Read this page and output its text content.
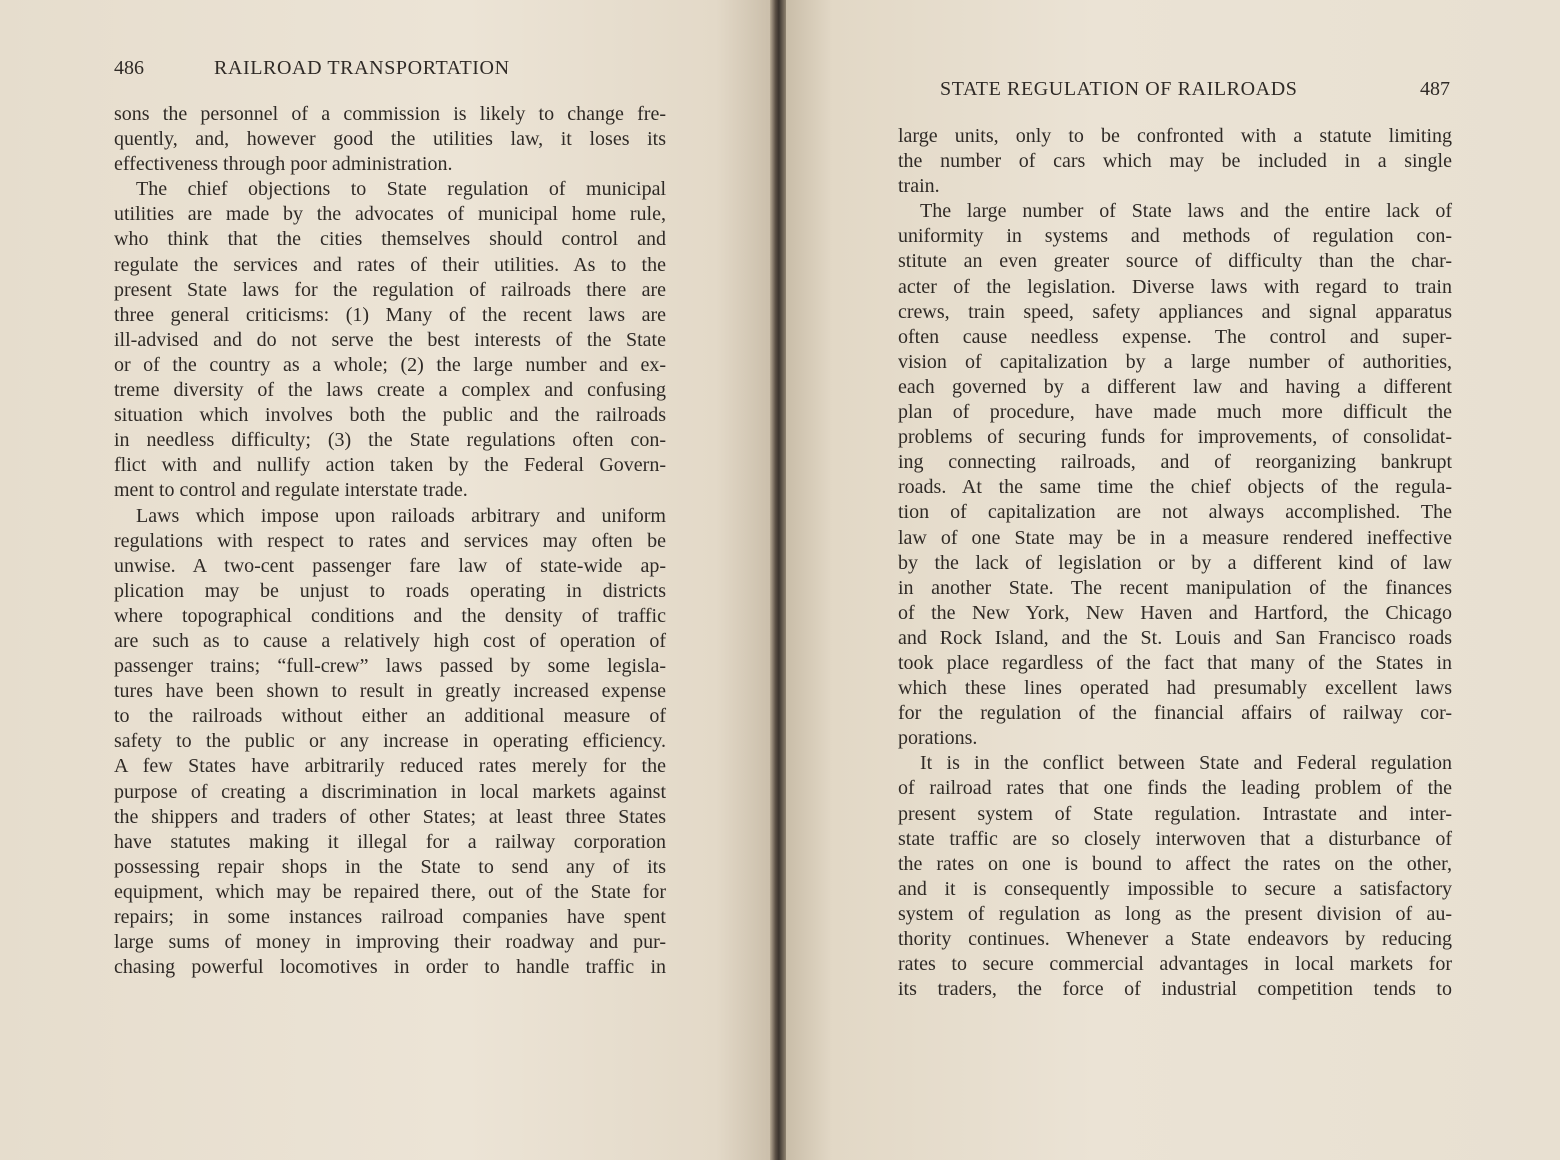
486	RAILROAD TRANSPORTATION
STATE REGULATION OF RAILROADS	487
sons the personnel of a commission is likely to change fre-
quently, and, however good the utilities law, it loses its
effectiveness through poor administration.
The chief objections to State regulation of municipal
utilities are made by the advocates of municipal home rule,
who think that the cities themselves should control and
regulate the services and rates of their utilities. As to the
present State laws for the regulation of railroads there are
three general criticisms: (1) Many of the recent laws are
ill-advised and do not serve the best interests of the State
or of the country as a whole; (2) the large number and ex-
treme diversity of the laws create a complex and confusing
situation which involves both the public and the railroads
in needless difficulty; (3) the State regulations often con-
flict with and nullify action taken by the Federal Govern-
ment to control and regulate interstate trade.
Laws which impose upon railoads arbitrary and uniform
regulations with respect to rates and services may often be
unwise. A two-cent passenger fare law of state-wide ap-
plication may be unjust to roads operating in districts
where topographical conditions and the density of traffic
are such as to cause a relatively high cost of operation of
passenger trains; “full-crew” laws passed by some legisla-
tures have been shown to result in greatly increased expense
to the railroads without either an additional measure of
safety to the public or any increase in operating efficiency.
A few States have arbitrarily reduced rates merely for the
purpose of creating a discrimination in local markets against
the shippers and traders of other States; at least three States
have statutes making it illegal for a railway corporation
possessing repair shops in the State to send any of its
equipment, which may be repaired there, out of the State for
repairs; in some instances railroad companies have spent
large sums of money in improving their roadway and pur-
chasing powerful locomotives in order to handle traffic in
large units, only to be confronted with a statute limiting
the number of cars which may be included in a single
train.
The large number of State laws and the entire lack of
uniformity in systems and methods of regulation con-
stitute an even greater source of difficulty than the char-
acter of the legislation. Diverse laws with regard to train
crews, train speed, safety appliances and signal apparatus
often cause needless expense. The control and super-
vision of capitalization by a large number of authorities,
each governed by a different law and having a different
plan of procedure, have made much more difficult the
problems of securing funds for improvements, of consolidat-
ing connecting railroads, and of reorganizing bankrupt
roads. At the same time the chief objects of the regula-
tion of capitalization are not always accomplished. The
law of one State may be in a measure rendered ineffective
by the lack of legislation or by a different kind of law
in another State. The recent manipulation of the finances
of the New York, New Haven and Hartford, the Chicago
and Rock Island, and the St. Louis and San Francisco roads
took place regardless of the fact that many of the States in
which these lines operated had presumably excellent laws
for the regulation of the financial affairs of railway cor-
porations.
It is in the conflict between State and Federal regulation
of railroad rates that one finds the leading problem of the
present system of State regulation. Intrastate and inter-
state traffic are so closely interwoven that a disturbance of
the rates on one is bound to affect the rates on the other,
and it is consequently impossible to secure a satisfactory
system of regulation as long as the present division of au-
thority continues. Whenever a State endeavors by reducing
rates to secure commercial advantages in local markets for
its traders, the force of industrial competition tends to
